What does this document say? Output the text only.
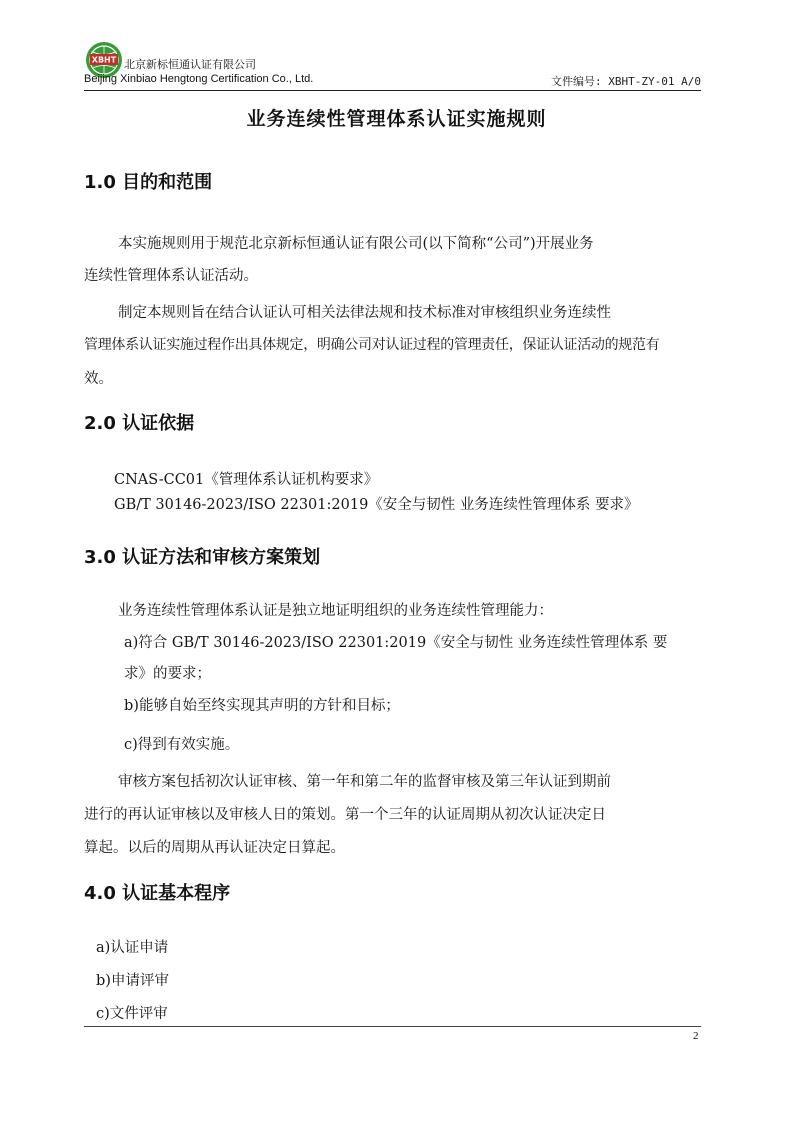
XBHT 北京新标恒通认证有限公司
Beijing Xinbiao Hengtong Certification Co., Ltd.	文件编号: XBHT-ZY-01 A/0
业务连续性管理体系认证实施规则
1.0 目的和范围
本实施规则用于规范北京新标恒通认证有限公司(以下简称“公司”)开展业务
连续性管理体系认证活动。
制定本规则旨在结合认证认可相关法律法规和技术标准对审核组织业务连续性
管理体系认证实施过程作出具体规定，明确公司对认证过程的管理责任，保证认证活动的规范有
效。
2.0 认证依据
CNAS-CC01《管理体系认证机构要求》
GB/T 30146-2023/ISO 22301:2019《安全与韧性 业务连续性管理体系 要求》
3.0 认证方法和审核方案策划
业务连续性管理体系认证是独立地证明组织的业务连续性管理能力：
a)符合 GB/T 30146-2023/ISO 22301:2019《安全与韧性 业务连续性管理体系 要
求》的要求；
b)能够自始至终实现其声明的方针和目标；
c)得到有效实施。
审核方案包括初次认证审核、第一年和第二年的监督审核及第三年认证到期前
进行的再认证审核以及审核人日的策划。第一个三年的认证周期从初次认证决定日
算起。以后的周期从再认证决定日算起。
4.0 认证基本程序
a)认证申请
b)申请评审
c)文件评审
2
